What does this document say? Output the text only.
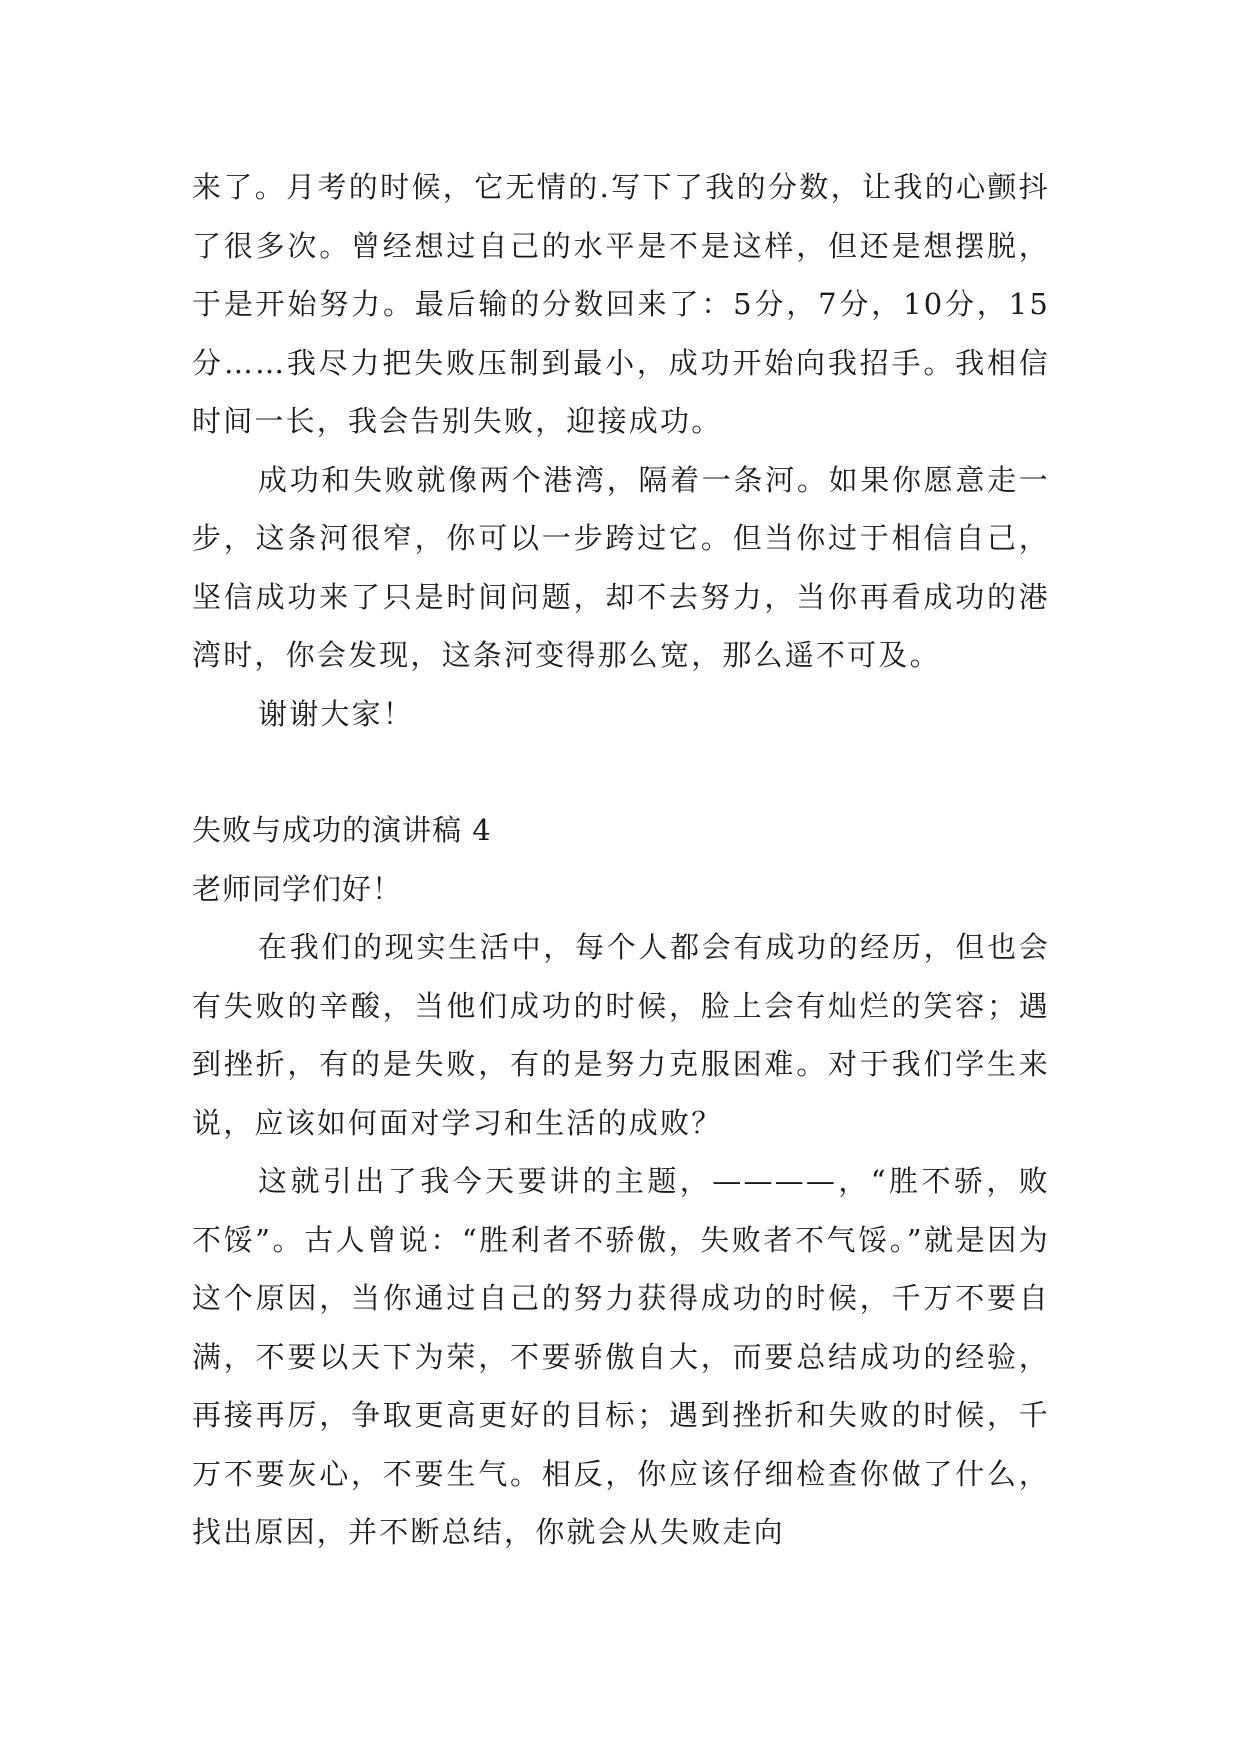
来了。月考的时候，它无情的.写下了我的分数，让我的心颤抖了很多次。曾经想过自己的水平是不是这样，但还是想摆脱，于是开始努力。最后输的分数回来了：5分，7分，10分，15分……我尽力把失败压制到最小，成功开始向我招手。我相信时间一长，我会告别失败，迎接成功。

成功和失败就像两个港湾，隔着一条河。如果你愿意走一步，这条河很窄，你可以一步跨过它。但当你过于相信自己，坚信成功来了只是时间问题，却不去努力，当你再看成功的港湾时，你会发现，这条河变得那么宽，那么遥不可及。

谢谢大家！

失败与成功的演讲稿 4

老师同学们好！

在我们的现实生活中，每个人都会有成功的经历，但也会有失败的辛酸，当他们成功的时候，脸上会有灿烂的笑容；遇到挫折，有的是失败，有的是努力克服困难。对于我们学生来说，应该如何面对学习和生活的成败？

这就引出了我今天要讲的主题，————，“胜不骄，败不馁”。古人曾说：“胜利者不骄傲，失败者不气馁。”就是因为这个原因，当你通过自己的努力获得成功的时候，千万不要自满，不要以天下为荣，不要骄傲自大，而要总结成功的经验，再接再厉，争取更高更好的目标；遇到挫折和失败的时候，千万不要灰心，不要生气。相反，你应该仔细检查你做了什么，找出原因，并不断总结，你就会从失败走向
